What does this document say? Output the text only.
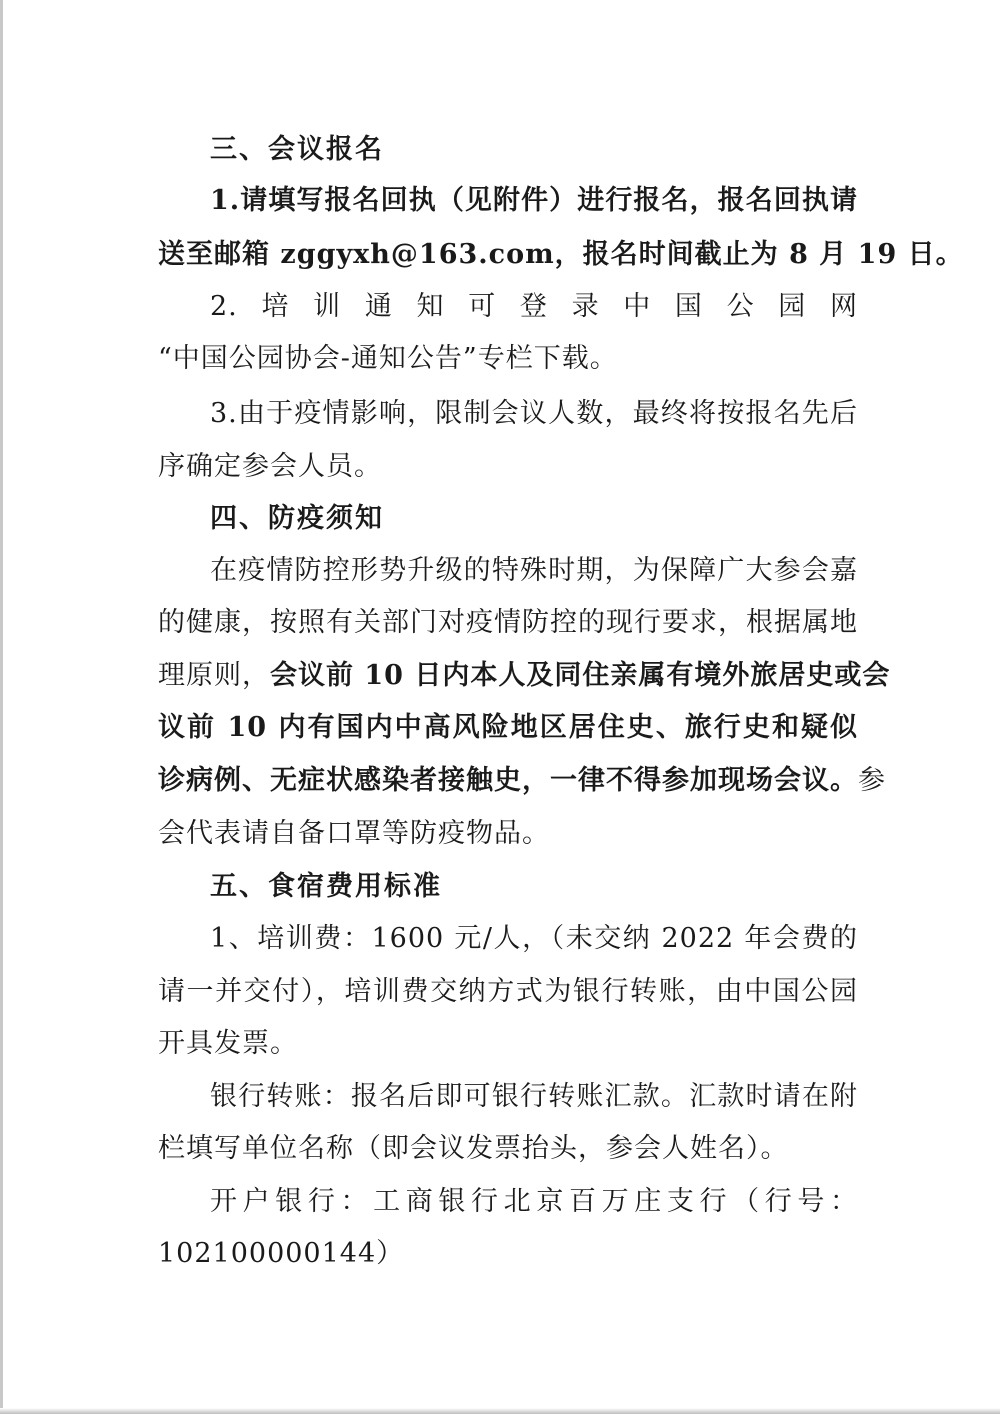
三、会议报名
1.请填写报名回执（见附件）进行报名，报名回执请
送至邮箱 zggyxh@163.com，报名时间截止为 8 月 19 日。
2.培训通知可登录中国公园网
“中国公园协会-通知公告”专栏下载。
3.由于疫情影响，限制会议人数，最终将按报名先后
序确定参会人员。
四、防疫须知
在疫情防控形势升级的特殊时期，为保障广大参会嘉
的健康，按照有关部门对疫情防控的现行要求，根据属地
理原则， 会议前 10 日内本人及同住亲属有境外旅居史或会
议前 10 内有国内中高风险地区居住史、旅行史和疑似
诊病例、无症状感染者接触史，一律不得参加现场会议。 参
会代表请自备口罩等防疫物品。
五、食宿费用标准
1、培训费：1600 元/人，（未交纳 2022 年会费的
请一并交付），培训费交纳方式为银行转账，由中国公园
开具发票。
银行转账：报名后即可银行转账汇款。汇款时请在附
栏填写单位名称（即会议发票抬头，参会人姓名）。
开户银行：工商银行北京百万庄支行（行号：
102100000144）
